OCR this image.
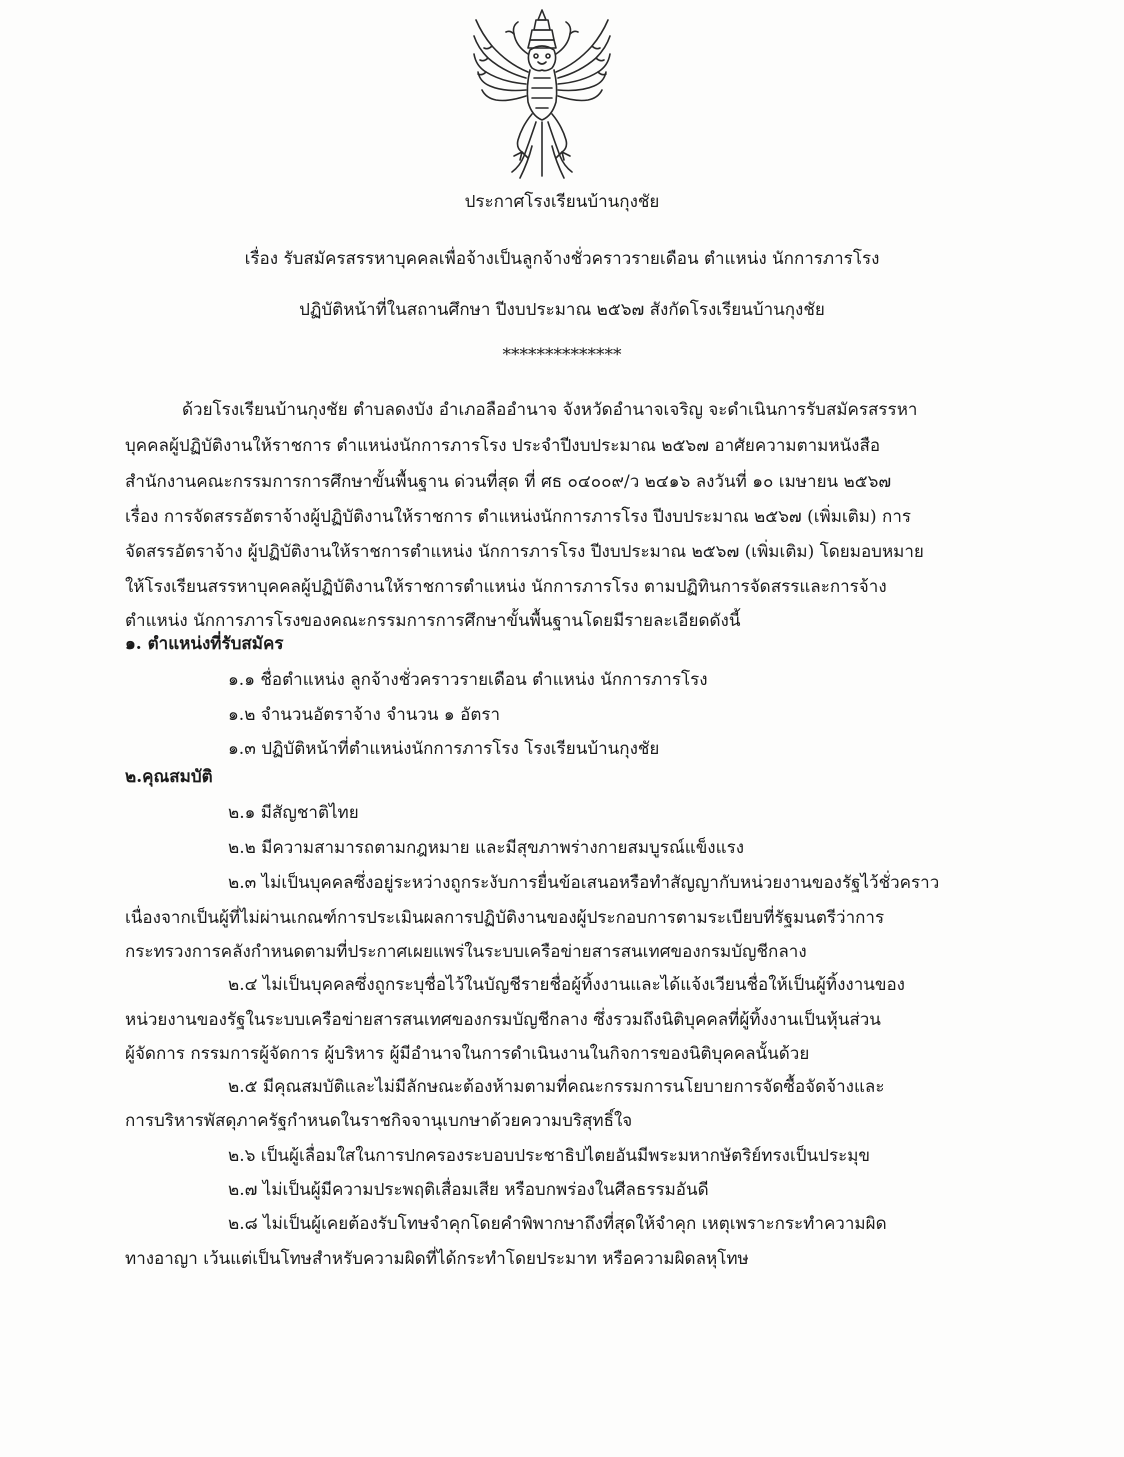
ประกาศโรงเรียนบ้านกุงชัย
เรื่อง รับสมัครสรรหาบุคคลเพื่อจ้างเป็นลูกจ้างชั่วคราวรายเดือน ตำแหน่ง นักการภารโรง
ปฏิบัติหน้าที่ในสถานศึกษา ปีงบประมาณ ๒๕๖๗ สังกัดโรงเรียนบ้านกุงชัย
**************
ด้วยโรงเรียนบ้านกุงชัย ตำบลดงบัง อำเภอลืออำนาจ จังหวัดอำนาจเจริญ จะดำเนินการรับสมัครสรรหา
บุคคลผู้ปฏิบัติงานให้ราชการ ตำแหน่งนักการภารโรง ประจำปีงบประมาณ ๒๕๖๗ อาศัยความตามหนังสือ
สำนักงานคณะกรรมการการศึกษาขั้นพื้นฐาน ด่วนที่สุด ที่ ศธ ๐๔๐๐๙/ว ๒๔๑๖ ลงวันที่ ๑๐ เมษายน ๒๕๖๗
เรื่อง การจัดสรรอัตราจ้างผู้ปฏิบัติงานให้ราชการ ตำแหน่งนักการภารโรง ปีงบประมาณ ๒๕๖๗ (เพิ่มเติม) การ
จัดสรรอัตราจ้าง ผู้ปฏิบัติงานให้ราชการตำแหน่ง นักการภารโรง ปีงบประมาณ ๒๕๖๗ (เพิ่มเติม) โดยมอบหมาย
ให้โรงเรียนสรรหาบุคคลผู้ปฏิบัติงานให้ราชการตำแหน่ง นักการภารโรง ตามปฏิทินการจัดสรรและการจ้าง
ตำแหน่ง นักการภารโรงของคณะกรรมการการศึกษาขั้นพื้นฐานโดยมีรายละเอียดดังนี้
๑. ตำแหน่งที่รับสมัคร
๑.๑ ชื่อตำแหน่ง ลูกจ้างชั่วคราวรายเดือน ตำแหน่ง นักการภารโรง
๑.๒ จำนวนอัตราจ้าง จำนวน ๑ อัตรา
๑.๓ ปฏิบัติหน้าที่ตำแหน่งนักการภารโรง โรงเรียนบ้านกุงชัย
๒.คุณสมบัติ
๒.๑ มีสัญชาติไทย
๒.๒ มีความสามารถตามกฎหมาย และมีสุขภาพร่างกายสมบูรณ์แข็งแรง
๒.๓ ไม่เป็นบุคคลซึ่งอยู่ระหว่างถูกระงับการยื่นข้อเสนอหรือทำสัญญากับหน่วยงานของรัฐไว้ชั่วคราว
เนื่องจากเป็นผู้ที่ไม่ผ่านเกณฑ์การประเมินผลการปฏิบัติงานของผู้ประกอบการตามระเบียบที่รัฐมนตรีว่าการ
กระทรวงการคลังกำหนดตามที่ประกาศเผยแพร่ในระบบเครือข่ายสารสนเทศของกรมบัญชีกลาง
๒.๔ ไม่เป็นบุคคลซึ่งถูกระบุชื่อไว้ในบัญชีรายชื่อผู้ทิ้งงานและได้แจ้งเวียนชื่อให้เป็นผู้ทิ้งงานของ
หน่วยงานของรัฐในระบบเครือข่ายสารสนเทศของกรมบัญชีกลาง ซึ่งรวมถึงนิติบุคคลที่ผู้ทิ้งงานเป็นหุ้นส่วน
ผู้จัดการ กรรมการผู้จัดการ ผู้บริหาร ผู้มีอำนาจในการดำเนินงานในกิจการของนิติบุคคลนั้นด้วย
๒.๕ มีคุณสมบัติและไม่มีลักษณะต้องห้ามตามที่คณะกรรมการนโยบายการจัดซื้อจัดจ้างและ
การบริหารพัสดุภาครัฐกำหนดในราชกิจจานุเบกษาด้วยความบริสุทธิ์ใจ
๒.๖ เป็นผู้เลื่อมใสในการปกครองระบอบประชาธิปไตยอันมีพระมหากษัตริย์ทรงเป็นประมุข
๒.๗ ไม่เป็นผู้มีความประพฤติเสื่อมเสีย หรือบกพร่องในศีลธรรมอันดี
๒.๘ ไม่เป็นผู้เคยต้องรับโทษจำคุกโดยคำพิพากษาถึงที่สุดให้จำคุก เหตุเพราะกระทำความผิด
ทางอาญา เว้นแต่เป็นโทษสำหรับความผิดที่ได้กระทำโดยประมาท หรือความผิดลหุโทษ
